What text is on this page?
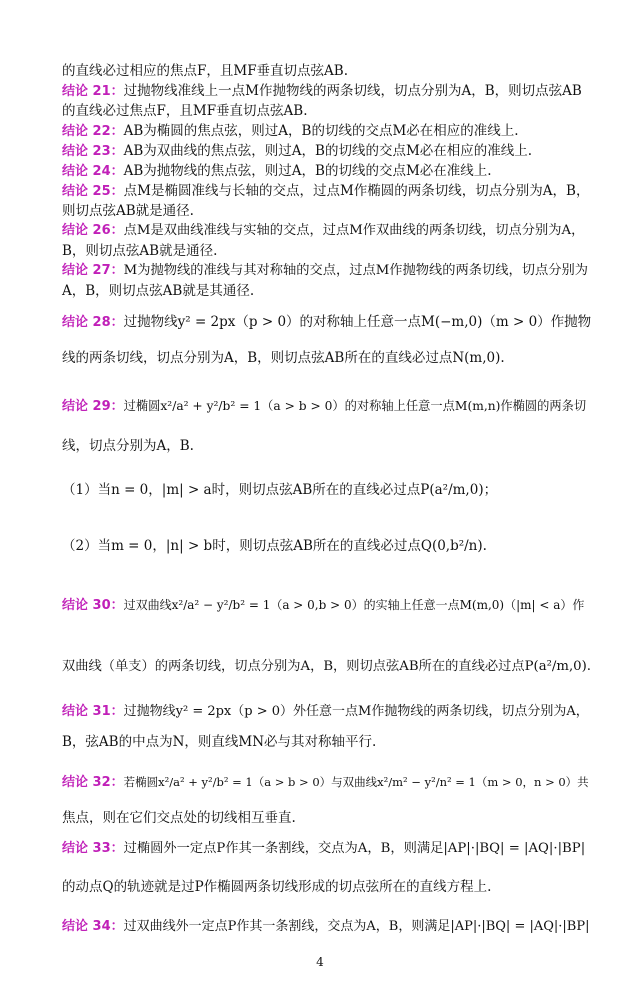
的直线必过相应的焦点F，且MF垂直切点弦AB.
结论 21：过抛物线准线上一点M作抛物线的两条切线，切点分别为A，B，则切点弦AB
的直线必过焦点F，且MF垂直切点弦AB.
结论 22：AB为椭圆的焦点弦，则过A，B的切线的交点M必在相应的准线上.
结论 23：AB为双曲线的焦点弦，则过A，B的切线的交点M必在相应的准线上.
结论 24：AB为抛物线的焦点弦，则过A，B的切线的交点M必在准线上.
结论 25：点M是椭圆准线与长轴的交点，过点M作椭圆的两条切线，切点分别为A，B，
则切点弦AB就是通径.
结论 26：点M是双曲线准线与实轴的交点，过点M作双曲线的两条切线，切点分别为A，
B，则切点弦AB就是通径.
结论 27：M为抛物线的准线与其对称轴的交点，过点M作抛物线的两条切线，切点分别为
A，B，则切点弦AB就是其通径.
结论 28：过抛物线y² = 2px（p > 0）的对称轴上任意一点M(−m,0)（m > 0）作抛物
线的两条切线，切点分别为A，B，则切点弦AB所在的直线必过点N(m,0).
结论 29：过椭圆x²/a² + y²/b² = 1（a > b > 0）的对称轴上任意一点M(m,n)作椭圆的两条切
线，切点分别为A，B.
（1）当n = 0，|m| > a时，则切点弦AB所在的直线必过点P(a²/m,0)；
（2）当m = 0，|n| > b时，则切点弦AB所在的直线必过点Q(0,b²/n).
结论 30：过双曲线x²/a² − y²/b² = 1（a > 0,b > 0）的实轴上任意一点M(m,0)（|m| < a）作
双曲线（单支）的两条切线，切点分别为A，B，则切点弦AB所在的直线必过点P(a²/m,0).
结论 31：过抛物线y² = 2px（p > 0）外任意一点M作抛物线的两条切线，切点分别为A，
B，弦AB的中点为N，则直线MN必与其对称轴平行.
结论 32：若椭圆x²/a² + y²/b² = 1（a > b > 0）与双曲线x²/m² − y²/n² = 1（m > 0，n > 0）共
焦点，则在它们交点处的切线相互垂直.
结论 33：过椭圆外一定点P作其一条割线，交点为A，B，则满足|AP|·|BQ| = |AQ|·|BP|
的动点Q的轨迹就是过P作椭圆两条切线形成的切点弦所在的直线方程上.
结论 34：过双曲线外一定点P作其一条割线，交点为A，B，则满足|AP|·|BQ| = |AQ|·|BP|
4
